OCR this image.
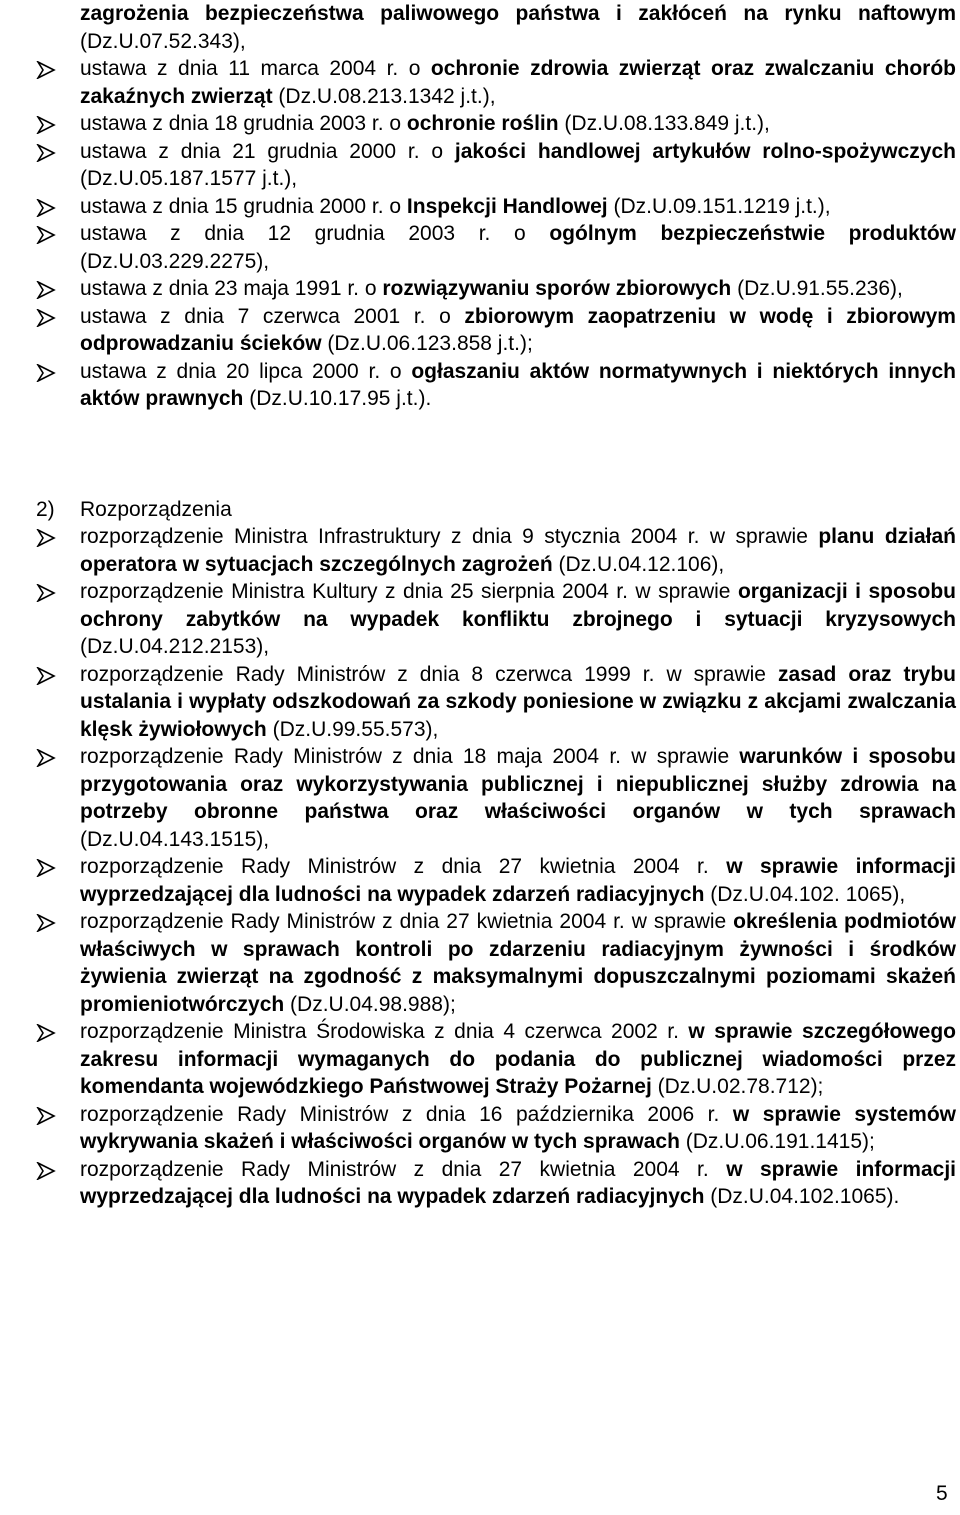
zagrożenia bezpieczeństwa paliwowego państwa i zakłóceń na rynku naftowym (Dz.U.07.52.343),
ustawa z dnia 11 marca 2004 r. o ochronie zdrowia zwierząt oraz zwalczaniu chorób zakaźnych zwierząt (Dz.U.08.213.1342 j.t.),
ustawa z dnia 18 grudnia 2003 r. o ochronie roślin (Dz.U.08.133.849 j.t.),
ustawa z dnia 21 grudnia 2000 r. o jakości handlowej artykułów rolno-spożywczych (Dz.U.05.187.1577 j.t.),
ustawa z dnia 15 grudnia 2000 r. o Inspekcji Handlowej (Dz.U.09.151.1219 j.t.),
ustawa z dnia 12 grudnia 2003 r. o ogólnym bezpieczeństwie produktów (Dz.U.03.229.2275),
ustawa z dnia 23 maja 1991 r. o rozwiązywaniu sporów zbiorowych (Dz.U.91.55.236),
ustawa z dnia 7 czerwca 2001 r. o zbiorowym zaopatrzeniu w wodę i zbiorowym odprowadzaniu ścieków (Dz.U.06.123.858 j.t.);
ustawa z dnia 20 lipca 2000 r. o ogłaszaniu aktów normatywnych i niektórych innych aktów prawnych (Dz.U.10.17.95 j.t.).
2) Rozporządzenia
rozporządzenie Ministra Infrastruktury z dnia 9 stycznia 2004 r. w sprawie planu działań operatora w sytuacjach szczególnych zagrożeń (Dz.U.04.12.106),
rozporządzenie Ministra Kultury z dnia 25 sierpnia 2004 r. w sprawie organizacji i sposobu ochrony zabytków na wypadek konfliktu zbrojnego i sytuacji kryzysowych (Dz.U.04.212.2153),
rozporządzenie Rady Ministrów z dnia 8 czerwca 1999 r. w sprawie zasad oraz trybu ustalania i wypłaty odszkodowań za szkody poniesione w związku z akcjami zwalczania klęsk żywiołowych (Dz.U.99.55.573),
rozporządzenie Rady Ministrów z dnia 18 maja 2004 r. w sprawie warunków i sposobu przygotowania oraz wykorzystywania publicznej i niepublicznej służby zdrowia na potrzeby obronne państwa oraz właściwości organów w tych sprawach (Dz.U.04.143.1515),
rozporządzenie Rady Ministrów z dnia 27 kwietnia 2004 r. w sprawie informacji wyprzedzającej dla ludności na wypadek zdarzeń radiacyjnych (Dz.U.04.102. 1065),
rozporządzenie Rady Ministrów z dnia 27 kwietnia 2004 r. w sprawie określenia podmiotów właściwych w sprawach kontroli po zdarzeniu radiacyjnym żywności i środków żywienia zwierząt na zgodność z maksymalnymi dopuszczalnymi poziomami skażeń promieniotwórczych (Dz.U.04.98.988);
rozporządzenie Ministra Środowiska z dnia 4 czerwca 2002 r. w sprawie szczegółowego zakresu informacji wymaganych do podania do publicznej wiadomości przez komendanta wojewódzkiego Państwowej Straży Pożarnej (Dz.U.02.78.712);
rozporządzenie Rady Ministrów z dnia 16 października 2006 r. w sprawie systemów wykrywania skażeń i właściwości organów w tych sprawach (Dz.U.06.191.1415);
rozporządzenie Rady Ministrów z dnia 27 kwietnia 2004 r. w sprawie informacji wyprzedzającej dla ludności na wypadek zdarzeń radiacyjnych (Dz.U.04.102.1065).
5
